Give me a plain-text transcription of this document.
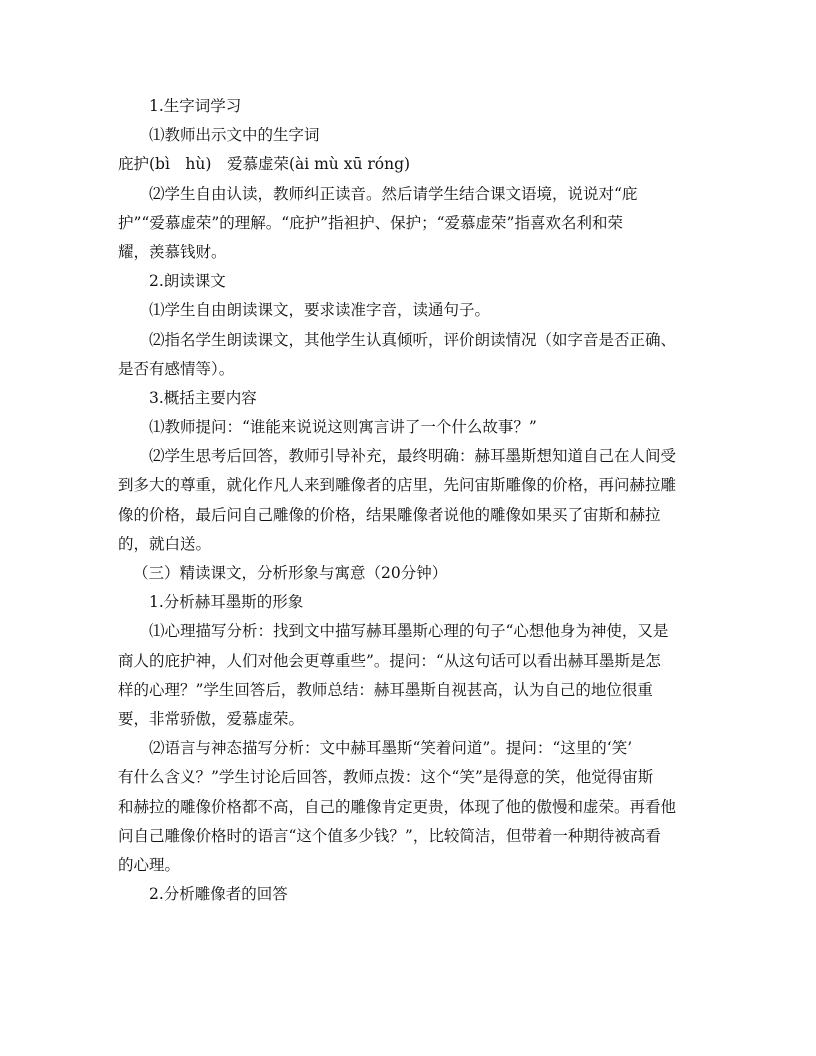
1.生字词学习
⑴教师出示文中的生字词
庇护(bì　hù)　爱慕虚荣(ài mù xū róng)
⑵学生自由认读，教师纠正读音。然后请学生结合课文语境，说说对“庇
护”“爱慕虚荣”的理解。“庇护”指袒护、保护；“爱慕虚荣”指喜欢名利和荣
耀，羡慕钱财。
2.朗读课文
⑴学生自由朗读课文，要求读准字音，读通句子。
⑵指名学生朗读课文，其他学生认真倾听，评价朗读情况（如字音是否正确、
是否有感情等）。
3.概括主要内容
⑴教师提问：“谁能来说说这则寓言讲了一个什么故事？”
⑵学生思考后回答，教师引导补充，最终明确：赫耳墨斯想知道自己在人间受
到多大的尊重，就化作凡人来到雕像者的店里，先问宙斯雕像的价格，再问赫拉雕
像的价格，最后问自己雕像的价格，结果雕像者说他的雕像如果买了宙斯和赫拉
的，就白送。
（三）精读课文，分析形象与寓意（20分钟）
1.分析赫耳墨斯的形象
⑴心理描写分析：找到文中描写赫耳墨斯心理的句子“心想他身为神使，又是
商人的庇护神，人们对他会更尊重些”。提问：“从这句话可以看出赫耳墨斯是怎
样的心理？”学生回答后，教师总结：赫耳墨斯自视甚高，认为自己的地位很重
要，非常骄傲，爱慕虚荣。
⑵语言与神态描写分析：文中赫耳墨斯“笑着问道”。提问：“这里的‘笑’
有什么含义？”学生讨论后回答，教师点拨：这个“笑”是得意的笑，他觉得宙斯
和赫拉的雕像价格都不高，自己的雕像肯定更贵，体现了他的傲慢和虚荣。再看他
问自己雕像价格时的语言“这个值多少钱？”，比较简洁，但带着一种期待被高看
的心理。
2.分析雕像者的回答
